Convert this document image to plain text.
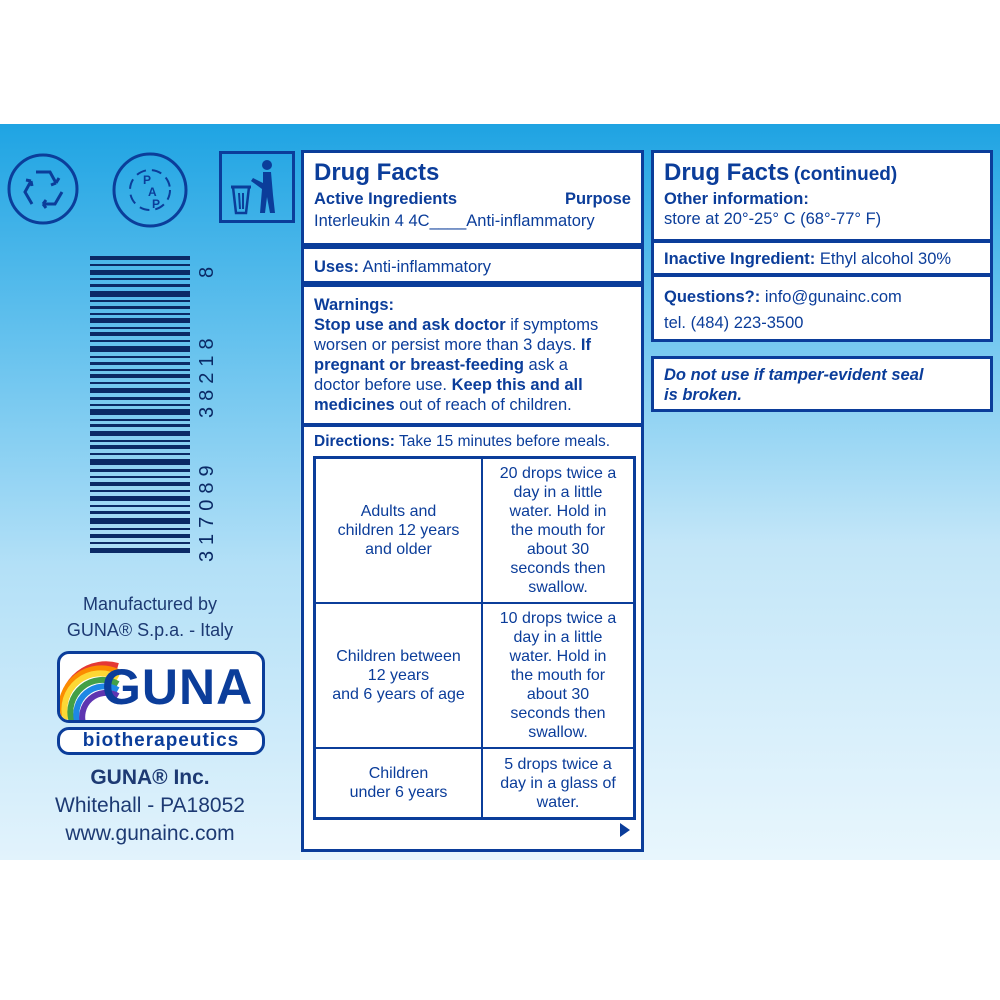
P
A
P
3
17089
38218
8
Manufactured by
GUNA® S.p.a. - Italy
GUNA
biotherapeutics
GUNA® Inc.
Whitehall - PA18052
www.gunainc.com
Drug Facts
Active Ingredients	Purpose
Interleukin 4 4C____Anti-inflammatory
Uses: Anti-inflammatory
Warnings:
Stop use and ask doctor if symptoms
worsen or persist more than 3 days. If
pregnant or breast-feeding ask a
doctor before use. Keep this and all
medicines out of reach of children.
Directions: Take 15 minutes before meals.
Adults and
children 12 years
and older
20 drops twice a
day in a little
water. Hold in
the mouth for
about 30
seconds then
swallow.
Children between
12 years
and 6 years of age
10 drops twice a
day in a little
water. Hold in
the mouth for
about 30
seconds then
swallow.
Children
under 6 years
5 drops twice a
day in a glass of
water.
Drug Facts (continued)
Other information:
store at 20°-25° C (68°-77° F)
Inactive Ingredient: Ethyl alcohol 30%
Questions?: info@gunainc.com
tel. (484) 223-3500
Do not use if tamper-evident seal
is broken.
